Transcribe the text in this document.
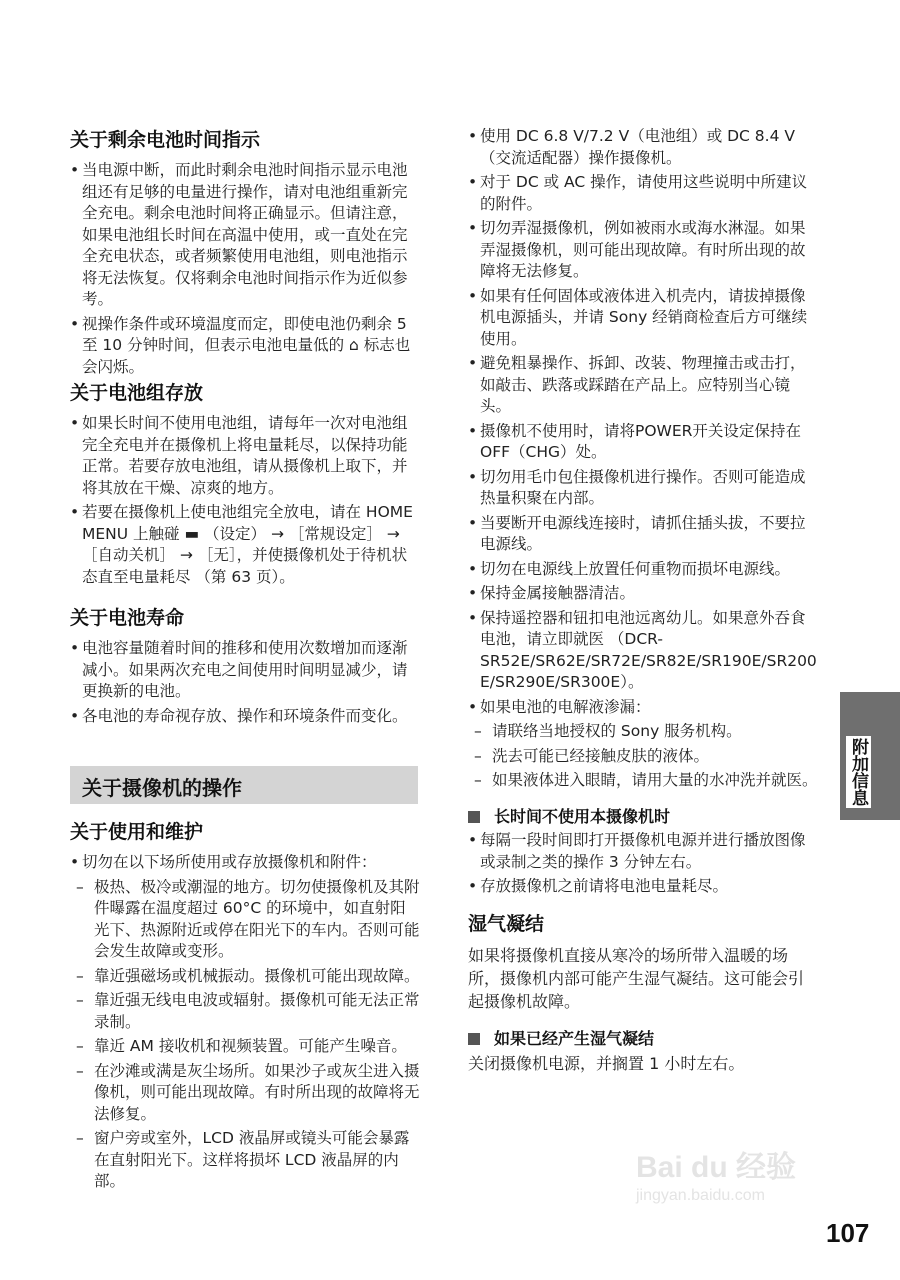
关于剩余电池时间指示
• 当电源中断，而此时剩余电池时间指示显示电池组还有足够的电量进行操作，请对电池组重新完全充电。剩余电池时间将正确显示。但请注意，如果电池组长时间在高温中使用，或一直处在完全充电状态，或者频繁使用电池组，则电池指示将无法恢复。仅将剩余电池时间指示作为近似参考。
• 视操作条件或环境温度而定，即使电池仍剩余 5 至 10 分钟时间，但表示电池电量低的 ⌂ 标志也会闪烁。
关于电池组存放
• 如果长时间不使用电池组，请每年一次对电池组完全充电并在摄像机上将电量耗尽，以保持功能正常。若要存放电池组，请从摄像机上取下，并将其放在干燥、凉爽的地方。
• 若要在摄像机上使电池组完全放电，请在 HOME MENU 上触碰 ▬ （设定） → ［常规设定］ → ［自动关机］ → ［无］，并使摄像机处于待机状态直至电量耗尽 （第 63 页）。
关于电池寿命
• 电池容量随着时间的推移和使用次数增加而逐渐减小。如果两次充电之间使用时间明显减少，请更换新的电池。
• 各电池的寿命视存放、操作和环境条件而变化。
关于使用和维护
• 切勿在以下场所使用或存放摄像机和附件：
– 极热、极冷或潮湿的地方。切勿使摄像机及其附件曝露在温度超过 60°C 的环境中，如直射阳光下、热源附近或停在阳光下的车内。否则可能会发生故障或变形。
– 靠近强磁场或机械振动。摄像机可能出现故障。
– 靠近强无线电电波或辐射。摄像机可能无法正常录制。
– 靠近 AM 接收机和视频装置。可能产生噪音。
– 在沙滩或满是灰尘场所。如果沙子或灰尘进入摄像机，则可能出现故障。有时所出现的故障将无法修复。
– 窗户旁或室外，LCD 液晶屏或镜头可能会暴露在直射阳光下。这样将损坏 LCD 液晶屏的内部。
关于摄像机的操作
• 使用 DC 6.8 V/7.2 V（电池组）或 DC 8.4 V（交流适配器）操作摄像机。
• 对于 DC 或 AC 操作，请使用这些说明中所建议的附件。
• 切勿弄湿摄像机，例如被雨水或海水淋湿。如果弄湿摄像机，则可能出现故障。有时所出现的故障将无法修复。
• 如果有任何固体或液体进入机壳内，请拔掉摄像机电源插头，并请 Sony 经销商检查后方可继续使用。
• 避免粗暴操作、拆卸、改装、物理撞击或击打，如敲击、跌落或踩踏在产品上。应特别当心镜头。
• 摄像机不使用时，请将POWER开关设定保持在 OFF（CHG）处。
• 切勿用毛巾包住摄像机进行操作。否则可能造成热量积聚在内部。
• 当要断开电源线连接时，请抓住插头拔，不要拉电源线。
• 切勿在电源线上放置任何重物而损坏电源线。
• 保持金属接触器清洁。
• 保持遥控器和钮扣电池远离幼儿。如果意外吞食电池，请立即就医 （DCR-SR52E/SR62E/SR72E/SR82E/SR190E/SR200E/SR290E/SR300E）。
• 如果电池的电解液渗漏：
– 请联络当地授权的 Sony 服务机构。
– 洗去可能已经接触皮肤的液体。
– 如果液体进入眼睛，请用大量的水冲洗并就医。
长时间不使用本摄像机时
• 每隔一段时间即打开摄像机电源并进行播放图像或录制之类的操作 3 分钟左右。
• 存放摄像机之前请将电池电量耗尽。
湿气凝结

如果将摄像机直接从寒冷的场所带入温暖的场所，摄像机内部可能产生湿气凝结。这可能会引起摄像机故障。

如果已经产生湿气凝结

关闭摄像机电源，并搁置 1 小时左右。

附加信息
Bai du 经验
jingyan.baidu.com
107
